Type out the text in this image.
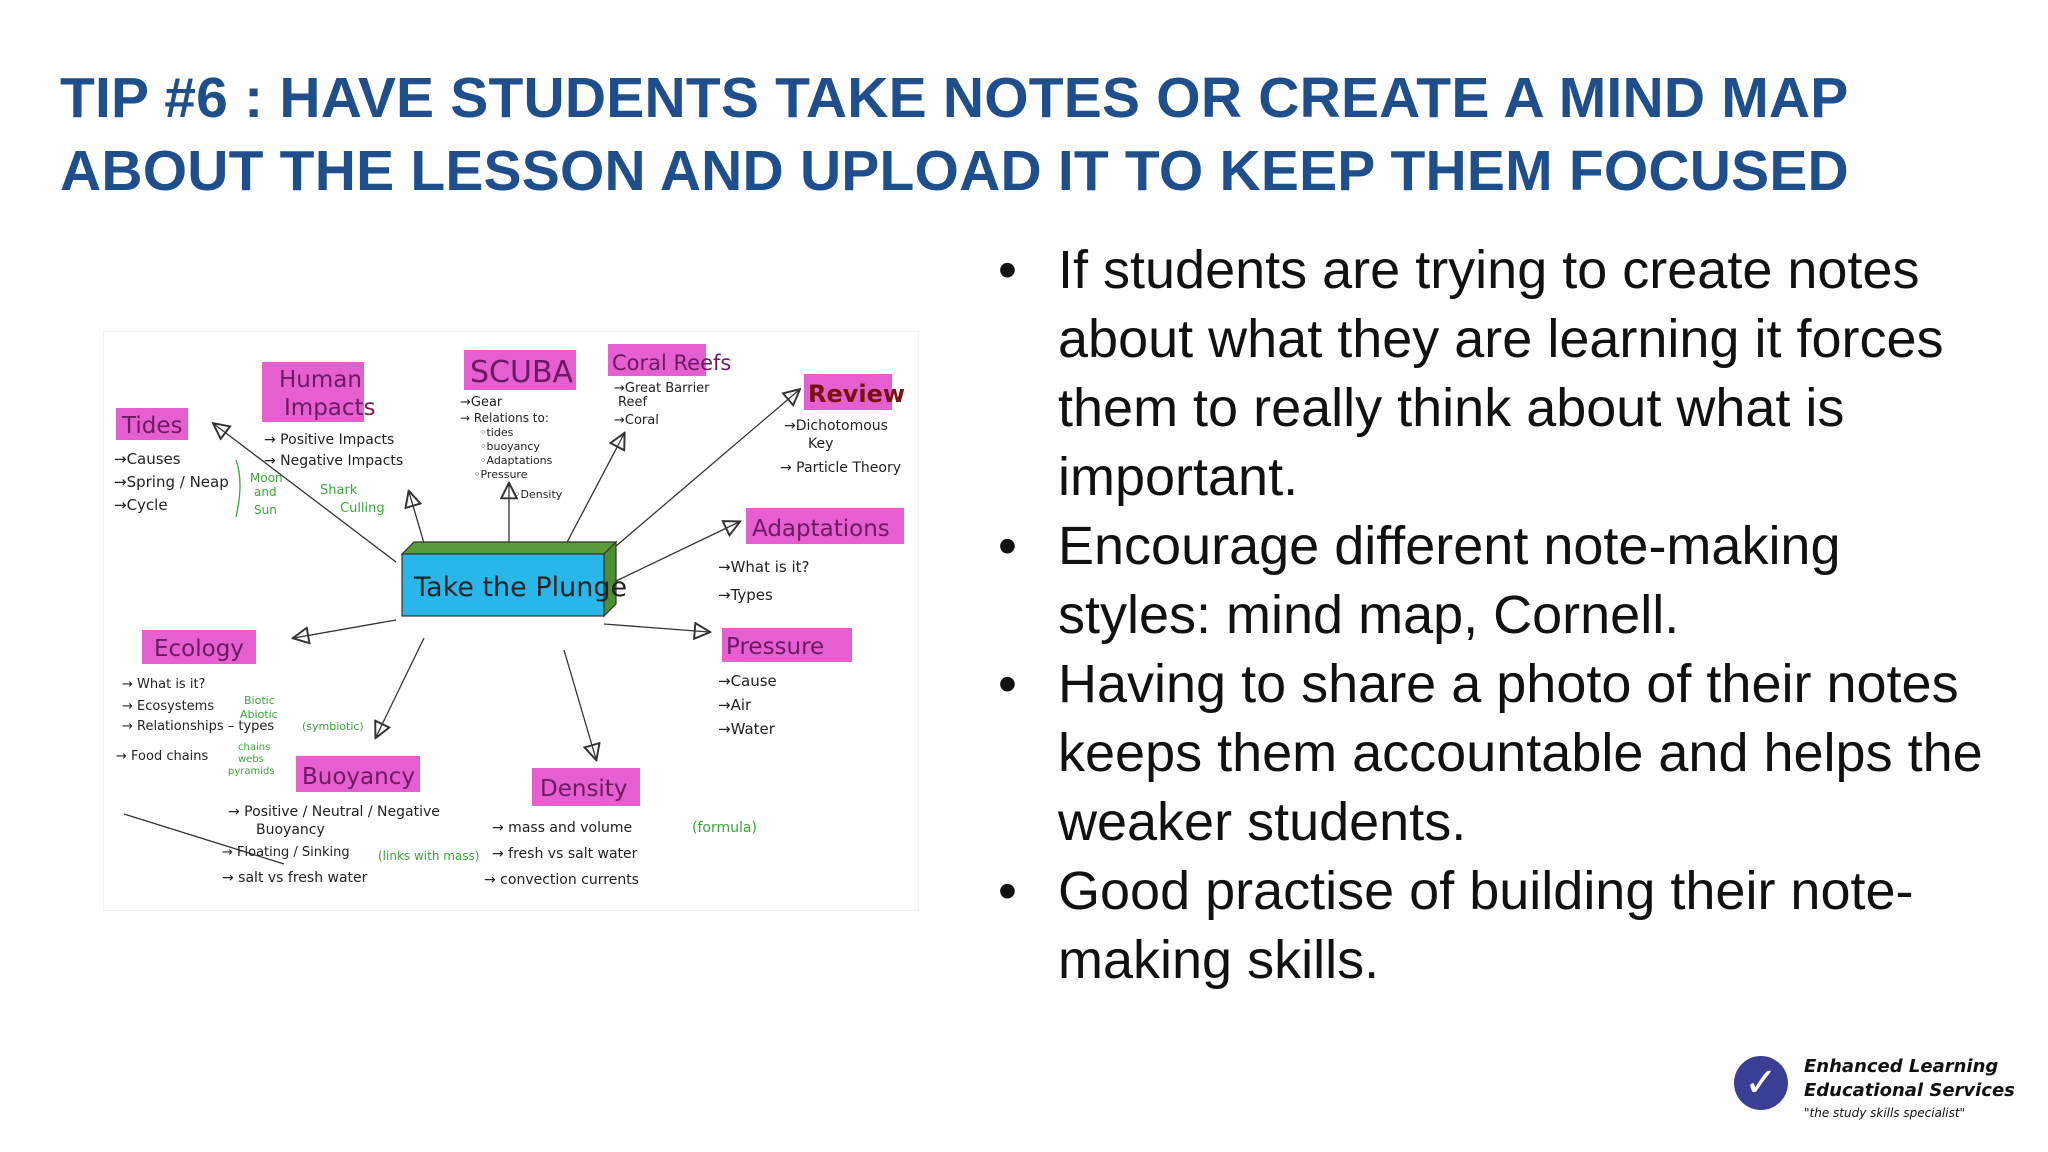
TIP #6 : HAVE STUDENTS TAKE NOTES OR CREATE A MIND MAP
ABOUT THE LESSON AND UPLOAD IT TO KEEP THEM FOCUSED
Take the Plunge
Tides
→Causes
→Spring / Neap
→Cycle
Moon
and
Sun
Human
Impacts
→ Positive Impacts
→ Negative Impacts
Shark
Culling
SCUBA
→Gear
→ Relations to:
◦tides
◦buoyancy
◦Adaptations
◦Pressure
◦Density
Coral Reefs
→Great Barrier
Reef
→Coral
Review
→Dichotomous
Key
→ Particle Theory
Adaptations
→What is it?
→Types
Pressure
→Cause
→Air
→Water
Ecology
→ What is it?
→ Ecosystems
→ Relationships – types
→ Food chains
Biotic
Abiotic
(symbiotic)
chains
webs
pyramids Buoyancy
→ Positive / Neutral / Negative
Buoyancy
→ Floating / Sinking (links with mass)
→ salt vs fresh water
Density
→ mass and volume	(formula)
→ fresh vs salt water
→ convection currents
• If students are trying to create notes about what they are learning it forces them to really think about what is important.
• Encourage different note-making styles: mind map, Cornell.
• Having to share a photo of their notes keeps them accountable and helps the weaker students.
• Good practise of building their note-making skills.
✓	Enhanced Learning
Educational Services
"the study skills specialist"
